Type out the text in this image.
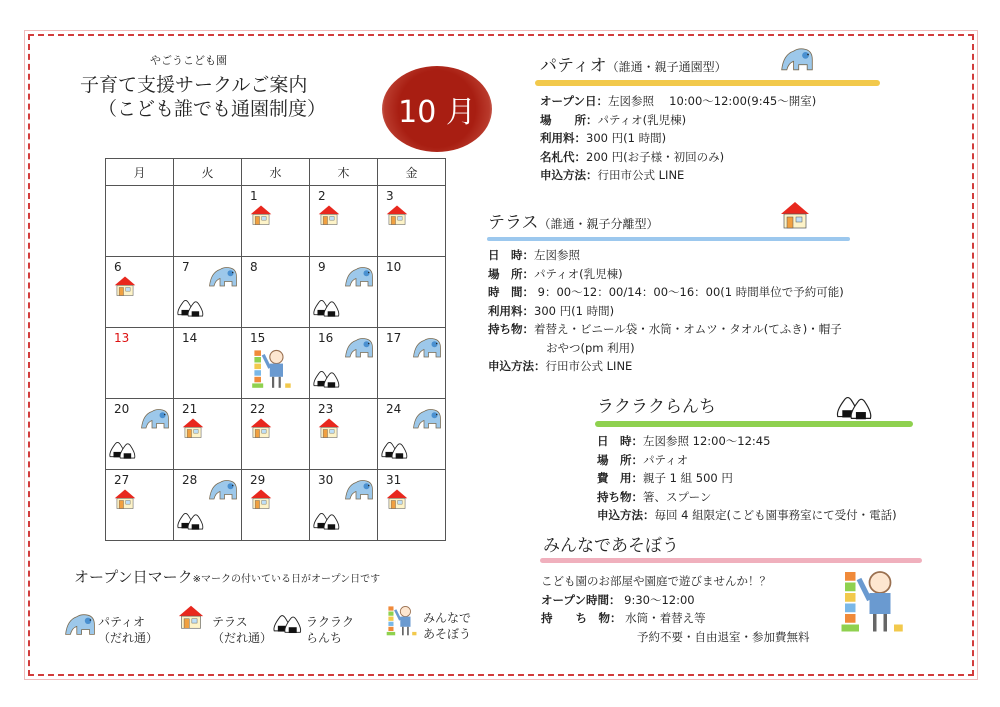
やごうこども園
子育て支援サークルご案内
（こども誰でも通園制度）	10 月
月	火	水	木	金
		1	2	3

6	7	8	9	10
13	14	15	16	17

20	21	22	23	24

27	28	29	30	31
オープン日マーク※マークの付いている日がオープン日です
パティオ
（だれ通）
テラス
（だれ通）
ラクラク
らんち
みんなで
あそぼう
パティオ（誰通・親子通園型）
オープン日：左図参照　 10:00～12:00(9:45～開室)
場　　所：パティオ(乳児棟)
利用料：300 円(1 時間)
名札代：200 円(お子様・初回のみ)
申込方法：行田市公式 LINE
テラス（誰通・親子分離型）
日　時：左図参照
場　所：パティオ(乳児棟)
時　間： 9：00～12：00/14：00～16：00(1 時間単位で予約可能)
利用料：300 円(1 時間)
持ち物：着替え・ビニール袋・水筒・オムツ・タオル(てふき)・帽子
おやつ(pm 利用)
申込方法：行田市公式 LINE
ラクラクらんち
日　時：左図参照 12:00～12:45
場　所：パティオ
費　用：親子 1 組 500 円
持ち物：箸、スプーン
申込方法：毎回 4 組限定(こども園事務室にて受付・電話)
みんなであそぼう
こども園のお部屋や園庭で遊びませんか！？
オープン時間： 9:30～12:00
持　　ち　物： 水筒・着替え等
予約不要・自由退室・参加費無料
